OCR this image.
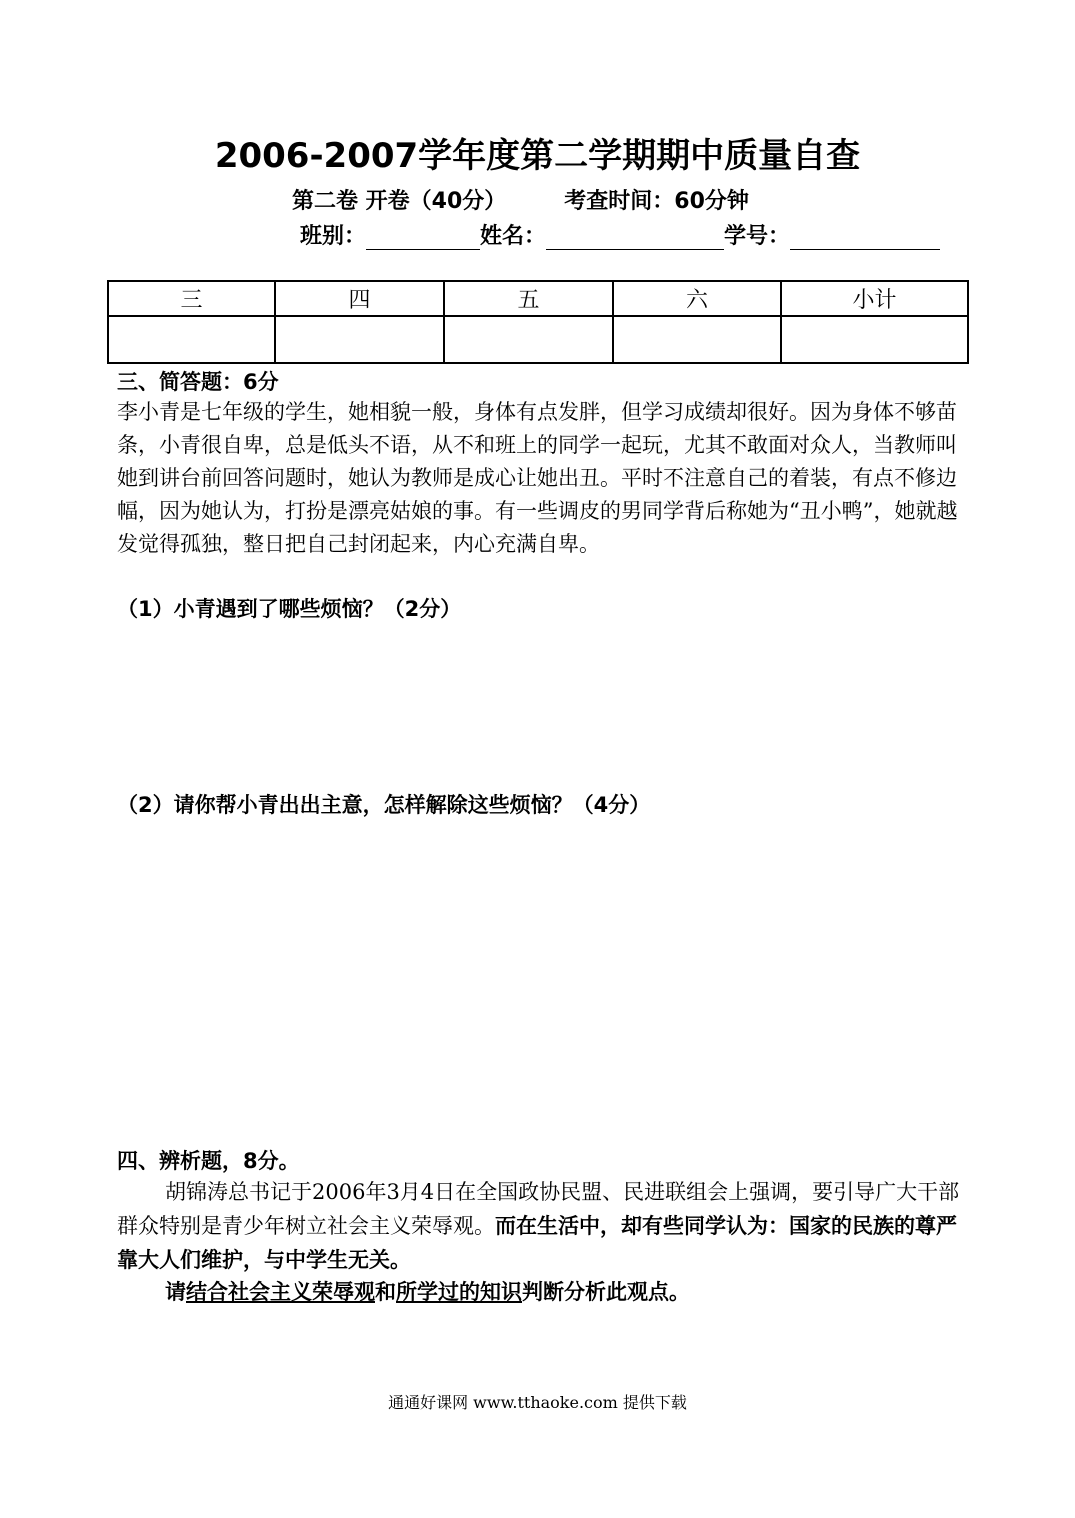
2006-2007学年度第二学期期中质量自查
第二卷 开卷（40分）	考查时间：60分钟
班别：	姓名：	学号：
三	四	五	六	小计

三、简答题：6分
李小青是七年级的学生，她相貌一般，身体有点发胖，但学习成绩却很好。因为身体不够苗条，小青很自卑，总是低头不语，从不和班上的同学一起玩，尤其不敢面对众人，当教师叫她到讲台前回答问题时，她认为教师是成心让她出丑。平时不注意自己的着装，有点不修边幅，因为她认为，打扮是漂亮姑娘的事。有一些调皮的男同学背后称她为“丑小鸭”，她就越发觉得孤独，整日把自己封闭起来，内心充满自卑。
（1）小青遇到了哪些烦恼？（2分）
（2）请你帮小青出出主意，怎样解除这些烦恼？（4分）
四、辨析题，8分。
胡锦涛总书记于2006年3月4日在全国政协民盟、民进联组会上强调，要引导广大干部群众特别是青少年树立社会主义荣辱观。而在生活中，却有些同学认为：国家的民族的尊严靠大人们维护，与中学生无关。
请结合社会主义荣辱观和所学过的知识判断分析此观点。
通通好课网 www.tthaoke.com 提供下载
